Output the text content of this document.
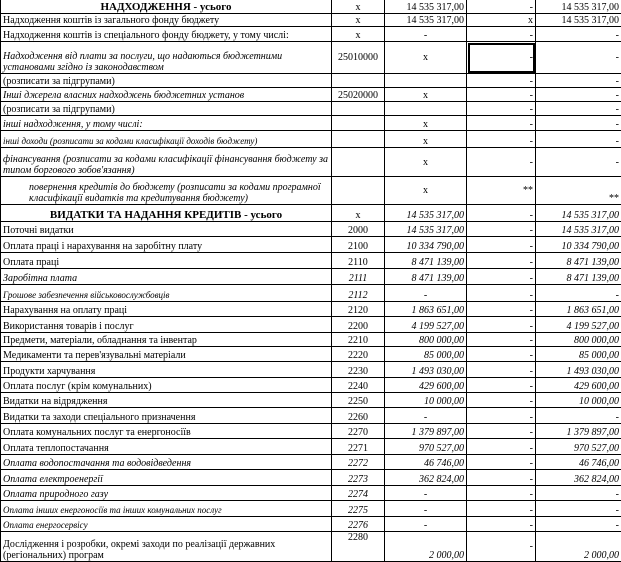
НАДХОДЖЕННЯ - усього	x	14 535 317,00		-	14 535 317,00
Надходження коштів із загального фонду бюджету	x	14 535 317,00		x	14 535 317,00
Надходження коштів із спеціального фонду бюджету, у тому числі:	x	-		-	-
Надходження від плати за послуги, що надаються бюджетними установами згідно із законодавством	25010000	x		-	-
(розписати за підгрупами)				-	-
Інші джерела власних надходжень бюджетних установ	25020000	x		-	-
(розписати за підгрупами)				-	-
інші надходження, у тому числі:		x		-	-
інші доходи (розписати за кодами класифікації доходів бюджету)		x		-	-
фінансування (розписати за кодами класифікації фінансування бюджету за типом боргового зобов'язання)		x		-	-
повернення кредитів до бюджету (розписати за кодами програмної класифікації видатків та кредитування бюджету)		x		**	**
ВИДАТКИ ТА НАДАННЯ КРЕДИТІВ - усього	x	14 535 317,00		-	14 535 317,00
Поточні видатки	2000	14 535 317,00		-	14 535 317,00
Оплата праці і нарахування на заробітну плату	2100	10 334 790,00		-	10 334 790,00
Оплата праці	2110	8 471 139,00		-	8 471 139,00
Заробітна плата	2111	8 471 139,00		-	8 471 139,00
Грошове забезпечення військовослужбовців	2112	-		-	-
Нарахування на оплату праці	2120	1 863 651,00		-	1 863 651,00
Використання товарів і послуг	2200	4 199 527,00		-	4 199 527,00
Предмети, матеріали, обладнання та інвентар	2210	800 000,00		-	800 000,00
Медикаменти та перев'язувальні матеріали	2220	85 000,00		-	85 000,00
Продукти харчування	2230	1 493 030,00		-	1 493 030,00
Оплата послуг (крім комунальних)	2240	429 600,00		-	429 600,00
Видатки на відрядження	2250	10 000,00		-	10 000,00
Видатки та заходи спеціального призначення	2260	-		-	-
Оплата комунальних послуг та енергоносіїв	2270	1 379 897,00		-	1 379 897,00
Оплата теплопостачання	2271	970 527,00		-	970 527,00
Оплата водопостачання та водовідведення	2272	46 746,00		-	46 746,00
Оплата електроенергії	2273	362 824,00		-	362 824,00
Оплата природного газу	2274	-		-	-
Оплата інших енергоносіїв та інших комунальних послуг	2275	-		-	-
Оплата енергосервісу	2276	-		-	-
Дослідження і розробки, окремі заходи по реалізації державних (регіональних) програм	2280	2 000,00		-	2 000,00
